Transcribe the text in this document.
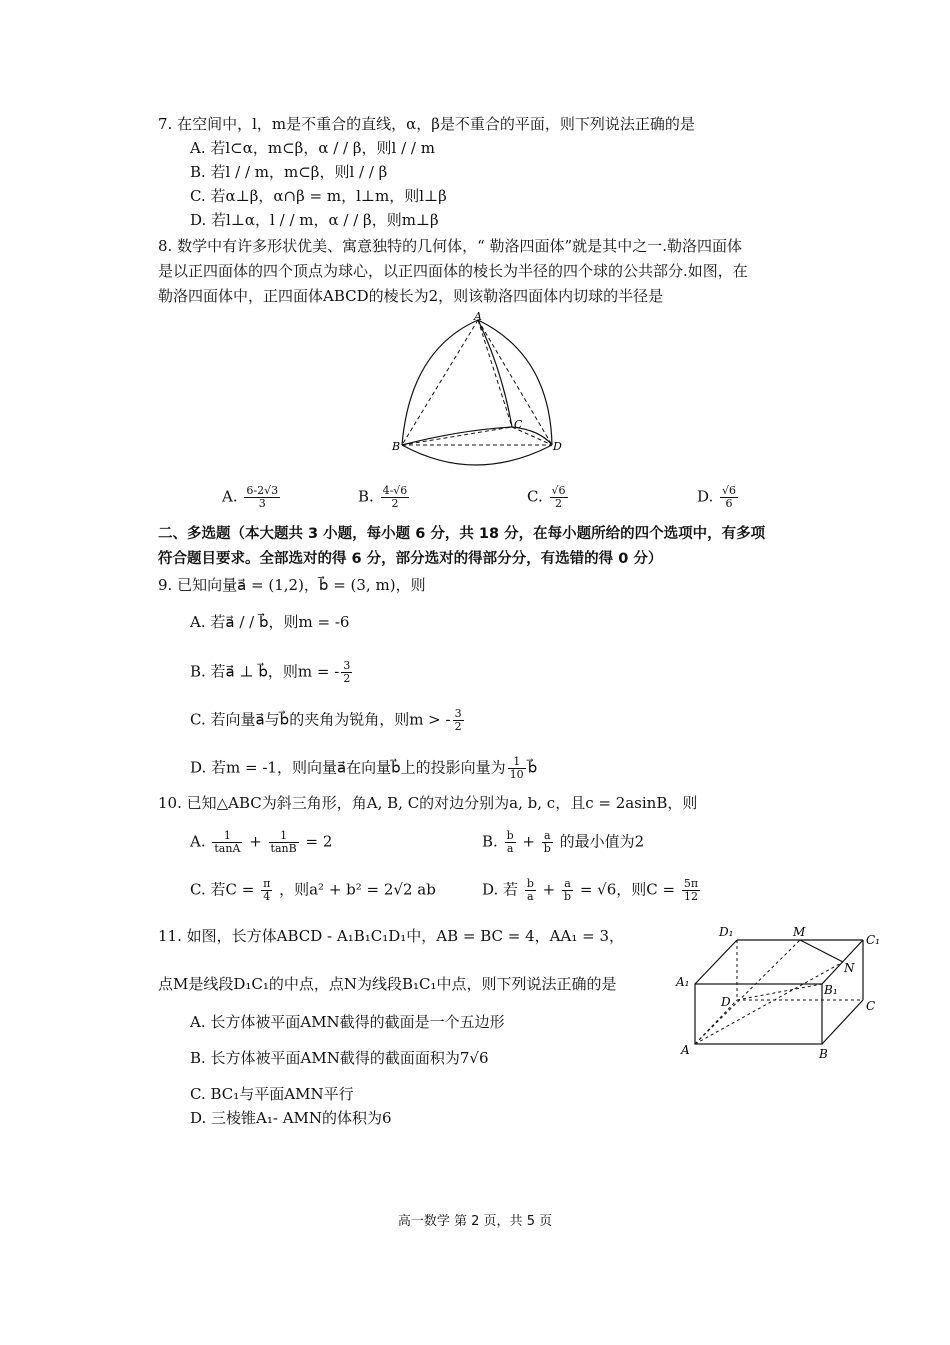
7. 在空间中，l，m是不重合的直线，α，β是不重合的平面，则下列说法正确的是
A. 若l⊂α，m⊂β，α / / β，则l / / m
B. 若l / / m，m⊂β，则l / / β
C. 若α⊥β，α∩β = m，l⊥m，则l⊥β
D. 若l⊥α，l / / m，α / / β，则m⊥β
8. 数学中有许多形状优美、寓意独特的几何体，“ 勒洛四面体”就是其中之一.勒洛四面体
是以正四面体的四个顶点为球心，以正四面体的棱长为半径的四个球的公共部分.如图，在
勒洛四面体中，正四面体ABCD的棱长为2，则该勒洛四面体内切球的半径是
A
B
C
D
A. $\frac{6-2√3}{3}$	B. $\frac{4-√6}{2}$	C. $\frac{√6}{2}$	D. $\frac{√6}{6}$
二、多选题（本大题共 3 小题，每小题 6 分，共 18 分，在每小题所给的四个选项中，有多项
符合题目要求。全部选对的得 6 分，部分选对的得部分分，有选错的得 0 分）
9. 已知向量a⃗ = (1,2)，b⃗ = (3, m)，则
A. 若a⃗ / / b⃗，则m = -6
B. 若a⃗ ⊥ b⃗，则m = - $\frac{3}{2}$
C. 若向量a⃗与b⃗的夹角为锐角，则m > - $\frac{3}{2}$
D. 若m = -1，则向量a⃗在向量b⃗上的投影向量为 $\frac{1}{10}$ b⃗
10. 已知△ABC为斜三角形，角A, B, C的对边分别为a, b, c，且c = 2asinB，则
A. $\frac{1}{\tan A} + \frac{1}{\tan B} = 2$	B. $\frac{b}{a} + \frac{a}{b}$ 的最小值为2
C. 若$C = \frac{\pi}{4}$ ，则a² + b² = 2√2 ab	D. 若 $\frac{b}{a} + \frac{a}{b} = √6$，则$C = \frac{5\pi}{12}$
11. 如图，长方体ABCD - A₁B₁C₁D₁中，AB = BC = 4，AA₁ = 3，
点M是线段D₁C₁的中点，点N为线段B₁C₁中点，则下列说法正确的是
A. 长方体被平面AMN截得的截面是一个五边形
B. 长方体被平面AMN截得的截面面积为7√6
C. BC₁与平面AMN平行
D. 三棱锥A₁- AMN的体积为6
D₁	M
C₁
N
A₁
B₁
D	C
A	B
高一数学 第 2 页，共 5 页
